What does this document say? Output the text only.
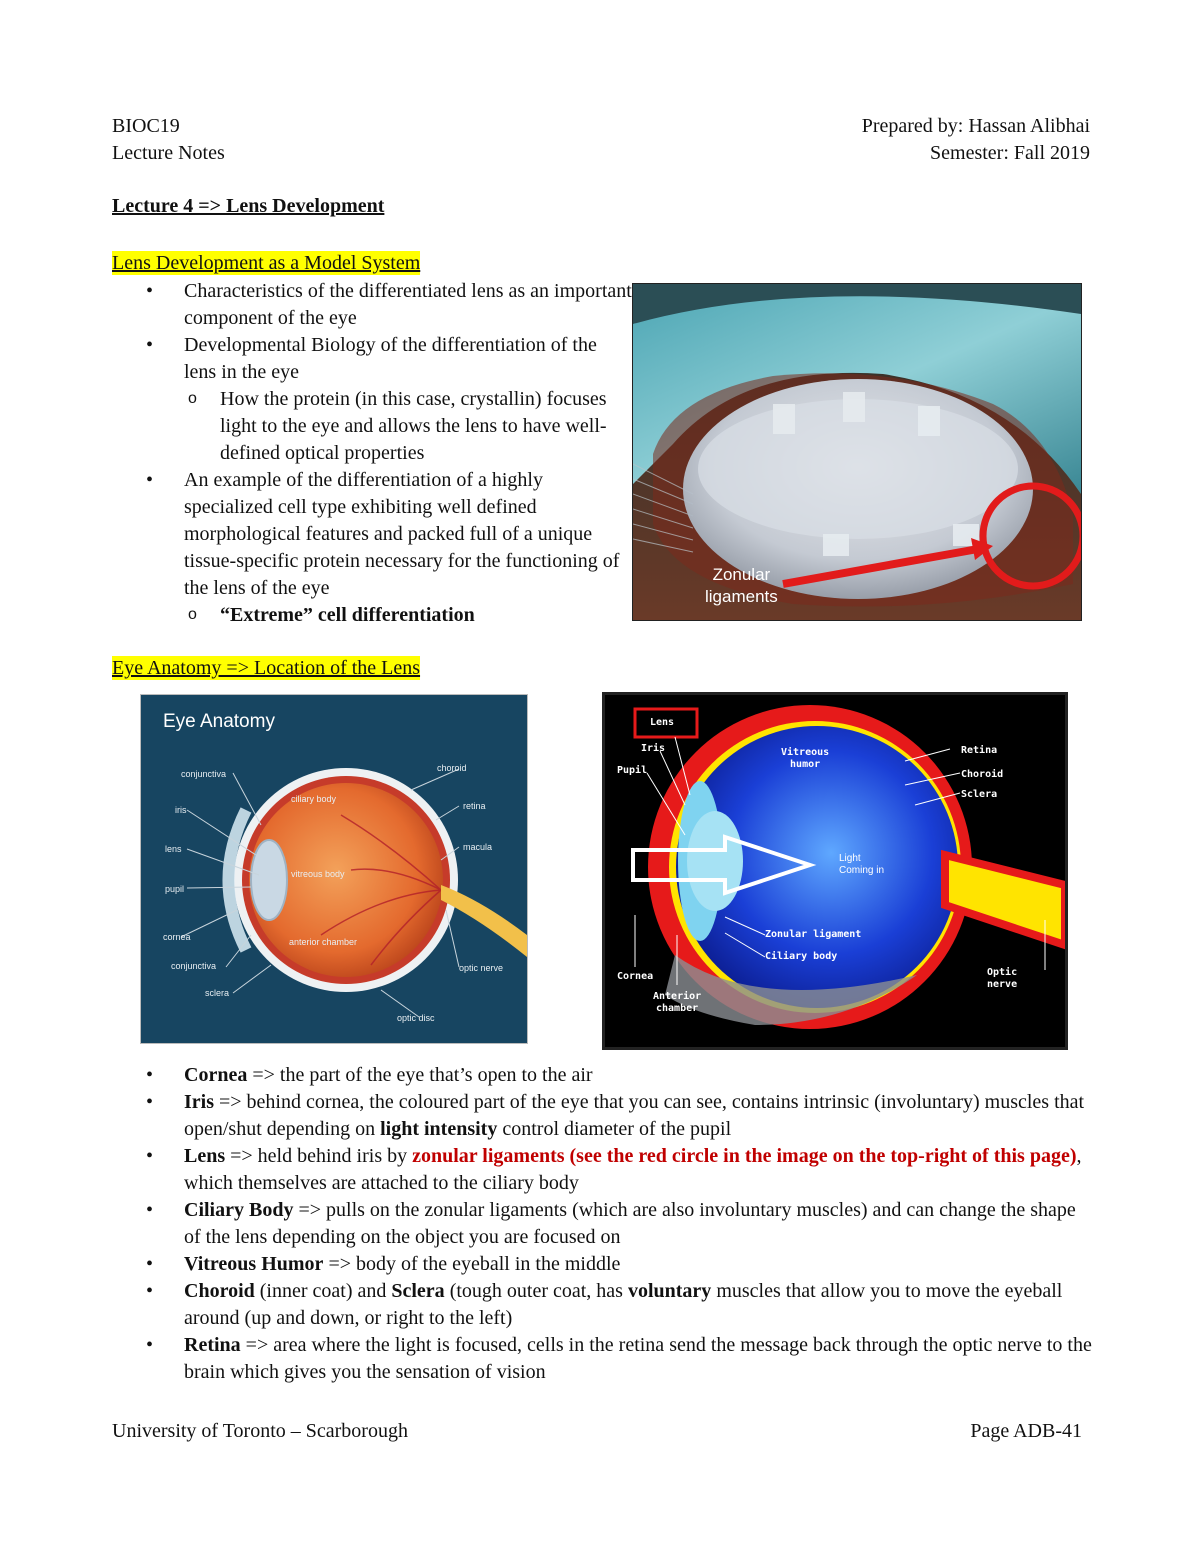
BIOC19
Lecture Notes
Prepared by: Hassan Alibhai
Semester: Fall 2019
Lecture 4 => Lens Development
Lens Development as a Model System
• Characteristics of the differentiated lens as an important component of the eye
• Developmental Biology of the differentiation of the lens in the eye
o How the protein (in this case, crystallin) focuses light to the eye and allows the lens to have well-defined optical properties
• An example of the differentiation of a highly specialized cell type exhibiting well defined morphological features and packed full of a unique tissue-specific protein necessary for the functioning of the lens of the eye
o “Extreme” cell differentiation
Zonular
ligaments
Eye Anatomy => Location of the Lens
Eye Anatomy
conjunctiva
iris
lens
pupil
cornea
conjunctiva
sclera
choroid
retina
macula
optic nerve
optic disc
ciliary body
vitreous body
anterior chamber
Lens
Iris
Pupil
Vitreous
humor
Retina
Choroid
Sclera
Light
Coming in
Zonular ligament
Ciliary body
Cornea
Anterior
chamber
Optic
nerve
• Cornea => the part of the eye that’s open to the air
• Iris => behind cornea, the coloured part of the eye that you can see, contains intrinsic (involuntary) muscles that open/shut depending on light intensity control diameter of the pupil
• Lens => held behind iris by zonular ligaments (see the red circle in the image on the top-right of this page), which themselves are attached to the ciliary body
• Ciliary Body => pulls on the zonular ligaments (which are also involuntary muscles) and can change the shape of the lens depending on the object you are focused on
• Vitreous Humor => body of the eyeball in the middle
• Choroid (inner coat) and Sclera (tough outer coat, has voluntary muscles that allow you to move the eyeball around (up and down, or right to the left)
• Retina => area where the light is focused, cells in the retina send the message back through the optic nerve to the brain which gives you the sensation of vision
University of Toronto – Scarborough	Page ADB-41
